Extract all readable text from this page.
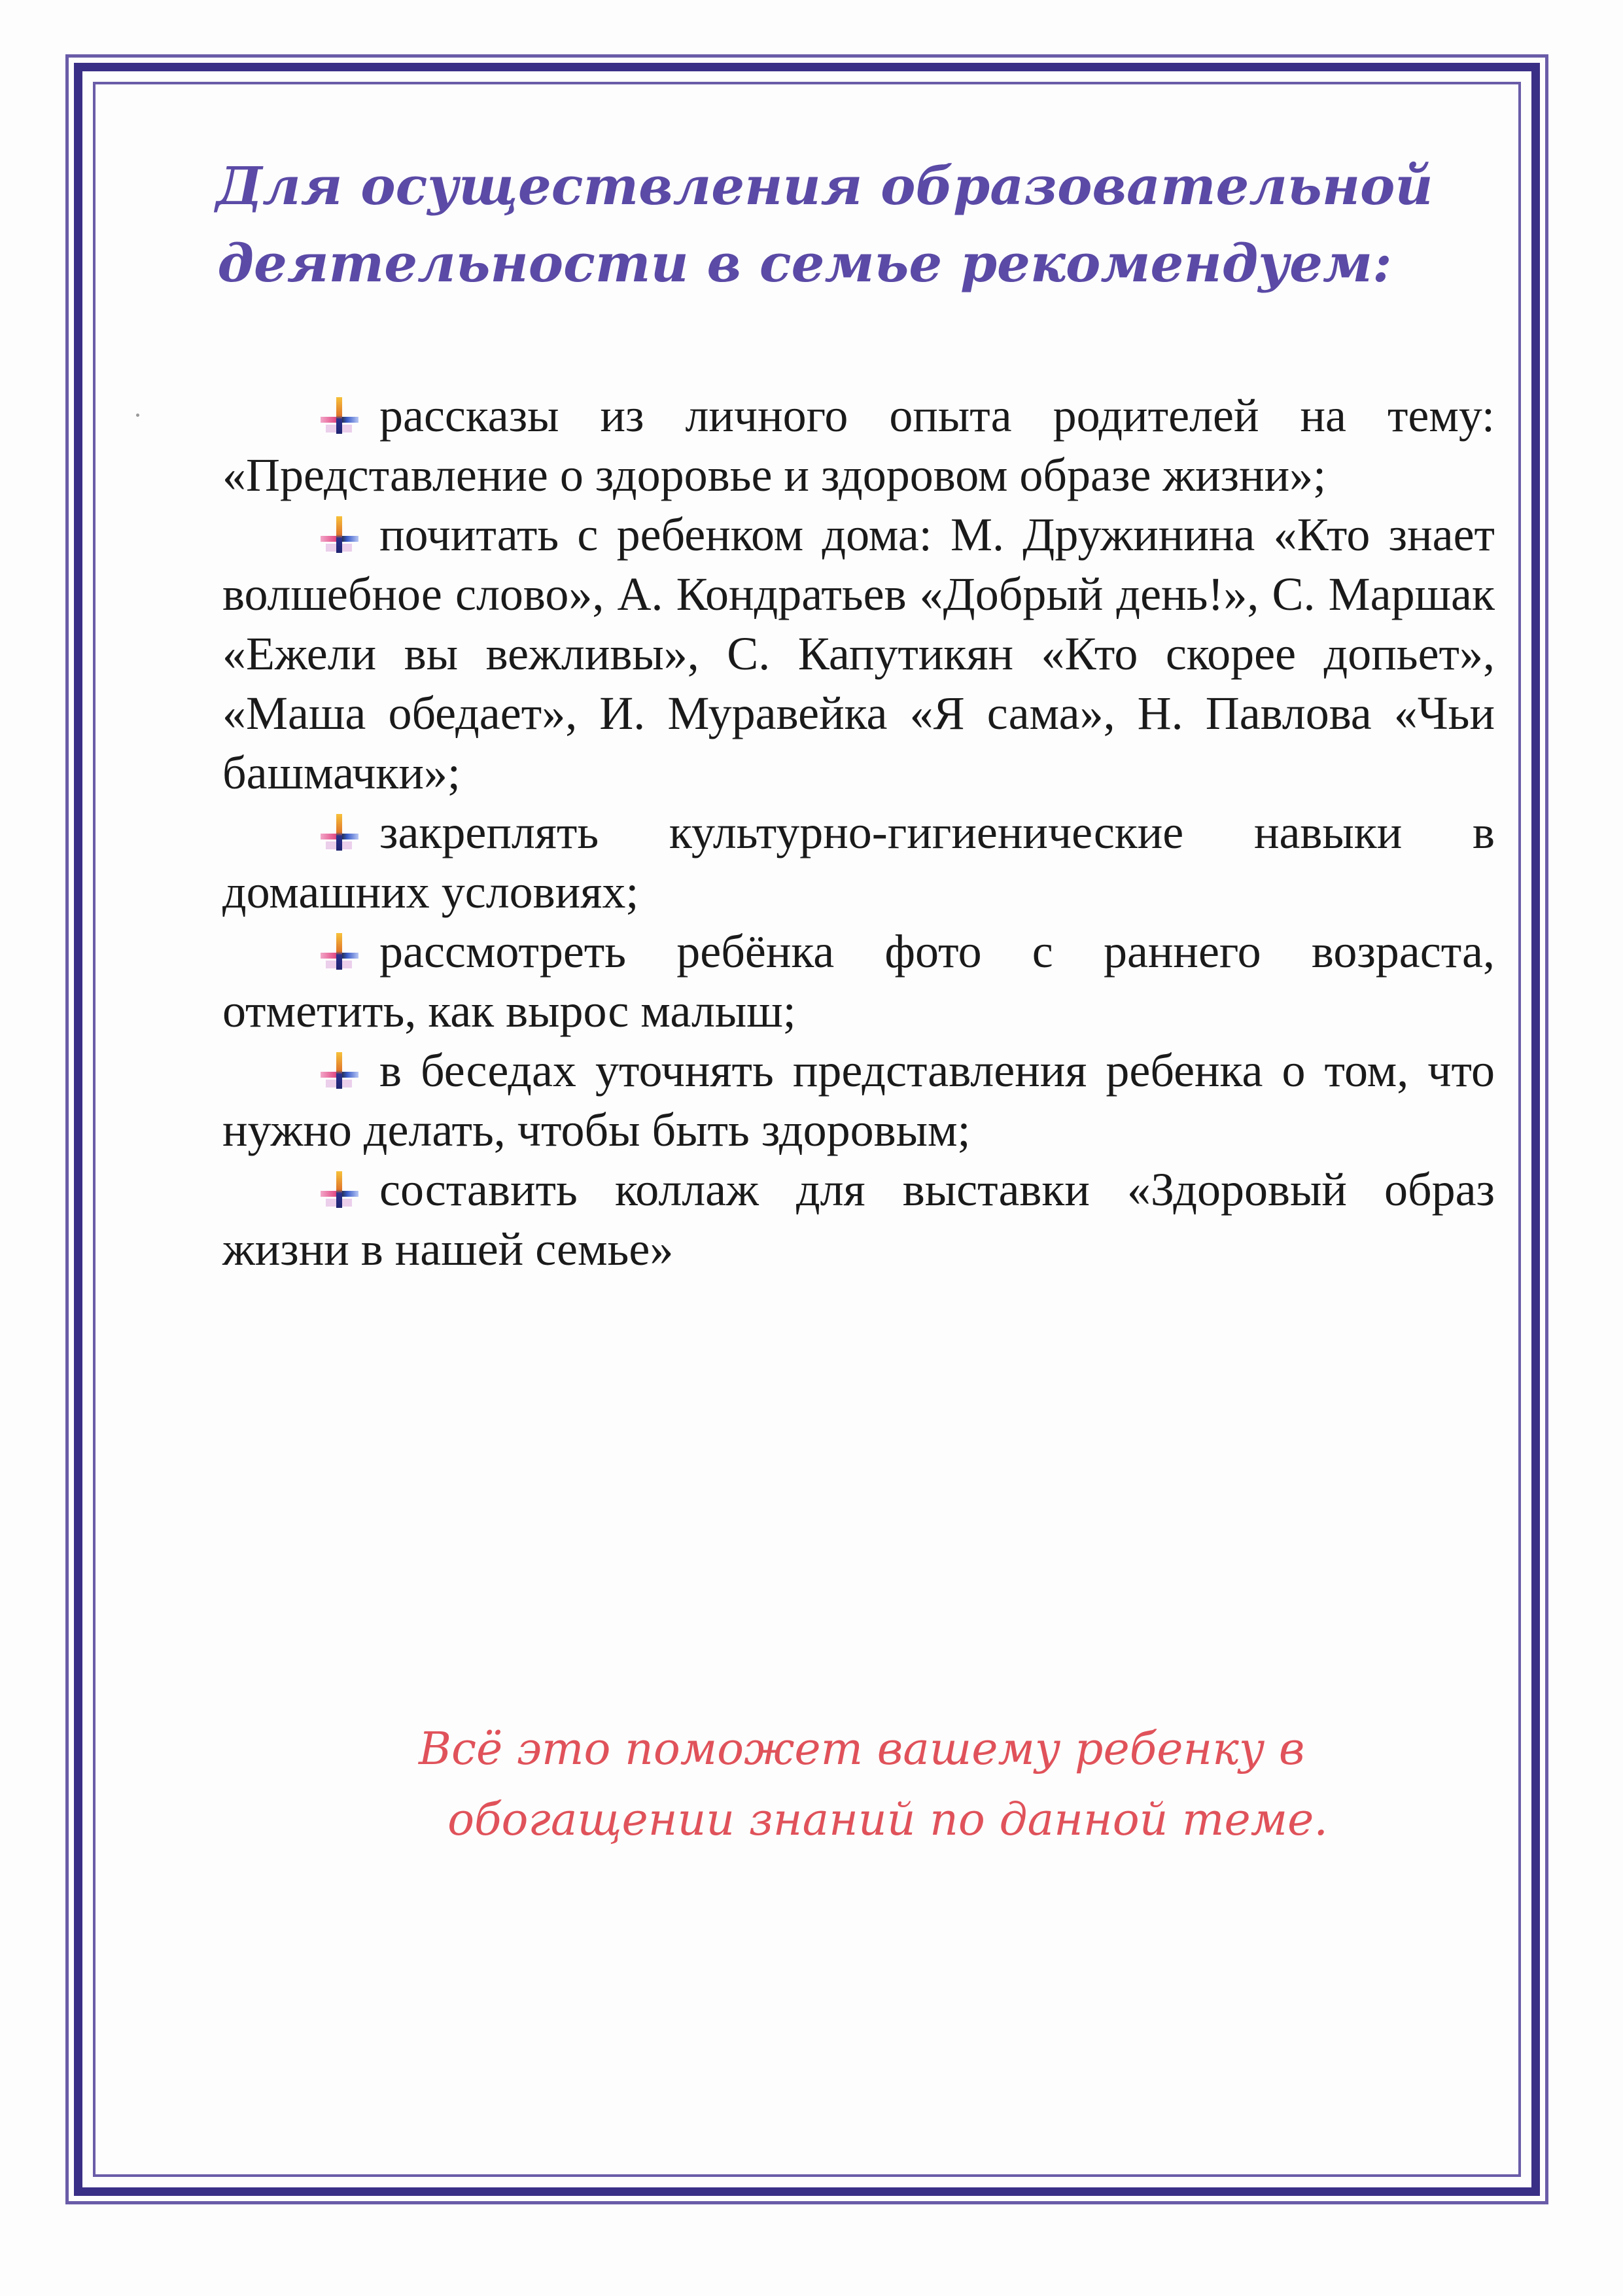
Для осуществления образовательной
деятельности в семье рекомендуем:
рассказы из личного опыта родителей на тему: «Представление о здоровье и здоровом образе жизни»;
почитать с ребенком дома: М. Дружинина «Кто знает волшебное слово», А. Кондратьев «Добрый день!», С. Маршак «Ежели вы вежливы», С. Капутикян «Кто скорее допьет», «Маша обедает», И. Муравейка «Я сама», Н. Павлова «Чьи башмачки»;
закреплять культурно-гигиенические навыки в домашних условиях;
рассмотреть ребёнка фото с раннего возраста, отметить, как вырос малыш;
в беседах уточнять представления ребенка о том, что нужно делать, чтобы быть здоровым;
составить коллаж для выставки «Здоровый образ жизни в нашей семье»

Всё это поможет вашему ребенку в
обогащении знаний по данной теме.
